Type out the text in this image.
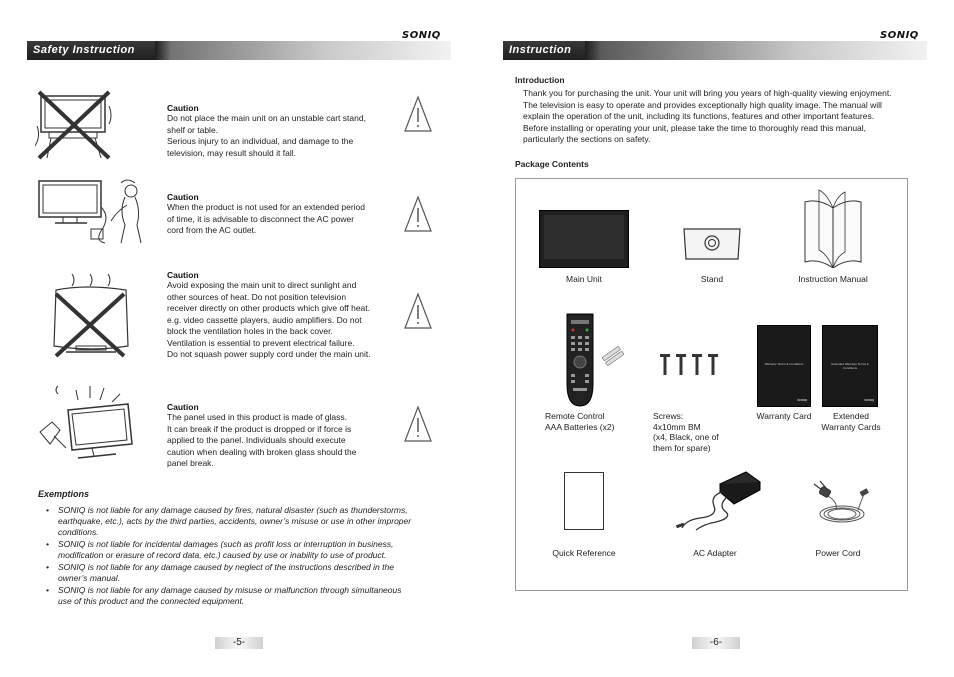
SONIQ
Safety Instruction
Caution
Do not place the main unit on an unstable cart stand,
shelf or table.
Serious injury to an individual, and damage to the
television, may result should it fall.
Caution
When the product is not used for an extended period
of time, it is advisable to disconnect the AC power
cord from the AC outlet.
Caution
Avoid exposing the main unit to direct sunlight and
other sources of heat. Do not position television
receiver directly on other products which give off heat.
e.g. video cassette players, audio amplifiers. Do not
block the ventilation holes in the back cover.
Ventilation is essential to prevent electrical failure.
Do not squash power supply cord under the main unit.
Caution
The panel used in this product is made of glass.
It can break if the product is dropped or if force is
applied to the panel. Individuals should execute
caution when dealing with broken glass should the
panel break.
Exemptions
• SONIQ is not liable for any damage caused by fires, natural disaster (such as thunderstorms,
earthquake, etc.), acts by the third parties, accidents, owner’s misuse or use in other improper
conditions.
• SONIQ is not liable for incidental damages (such as profit loss or interruption in business,
modification or erasure of record data, etc.) caused by use or inability to use of product.
• SONIQ is not liable for any damage caused by neglect of the instructions described in the
owner’s manual.
• SONIQ is not liable for any damage caused by misuse or malfunction through simultaneous
use of this product and the connected equipment.
-5-
SONIQ
Instruction
Introduction
Thank you for purchasing the unit. Your unit will bring you years of high-quality viewing enjoyment.
The television is easy to operate and provides exceptionally high quality image. The manual will
explain the operation of the unit, including its functions, features and other important features.
Before installing or operating your unit, please take the time to thoroughly read this manual,
particularly the sections on safety.
Package Contents
Main Unit	Stand	Instruction Manual
Remote Control
AAA Batteries (x2)
Screws:
4x10mm BM
(x4, Black, one of
them for spare)
Warranty Terms & Conditions
SONIQ
Warranty Card
Extended Warranty Terms & Conditions
SONIQ
Extended
Warranty Cards
Quick Reference	AC Adapter	Power Cord
-6-
